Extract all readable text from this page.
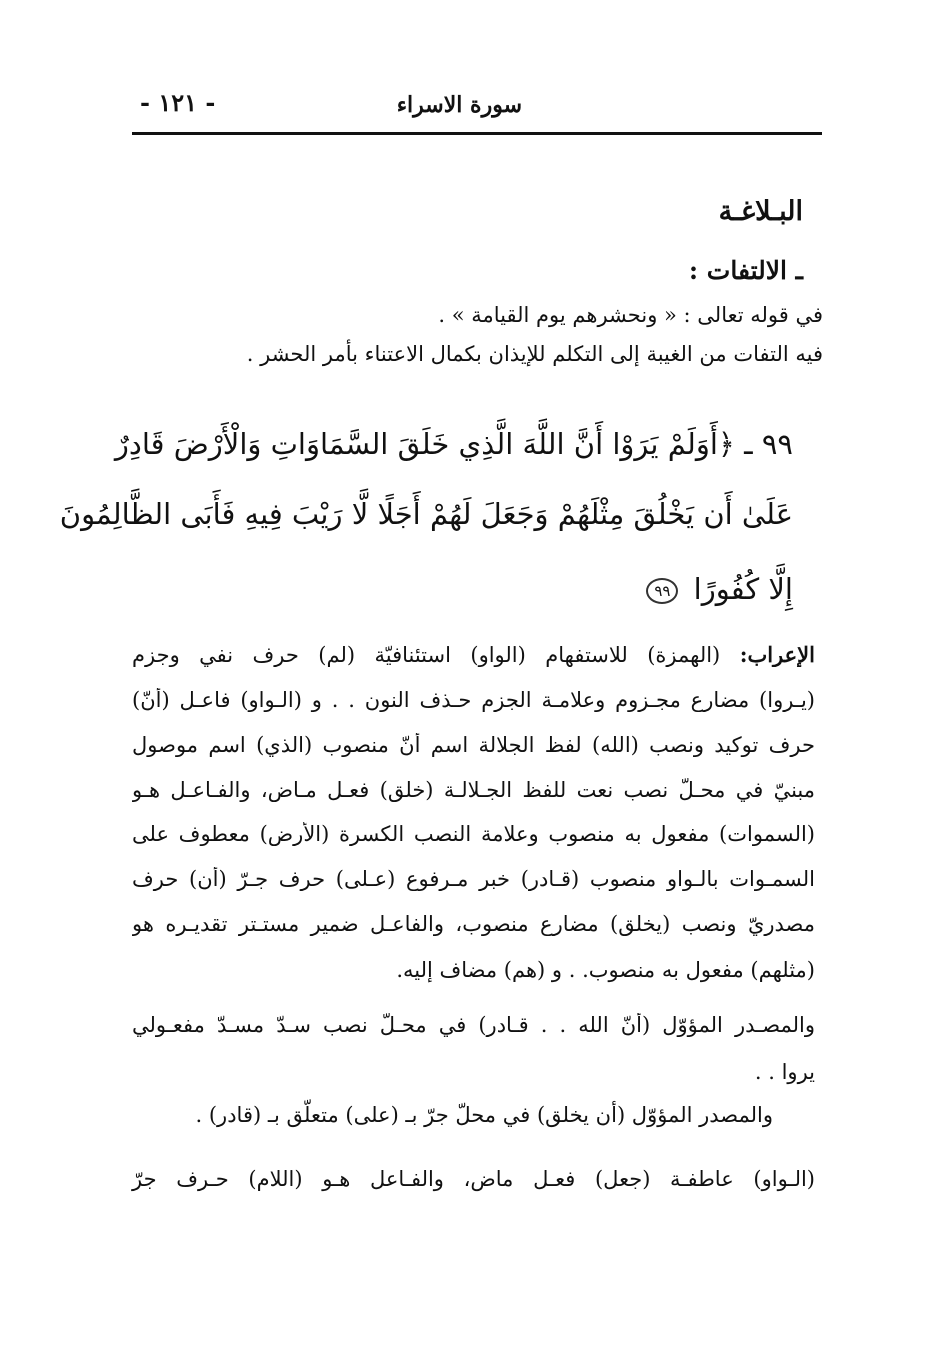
سورة الاسراء
- ١٢١ -
البـلاغـة
ـ الالتفات :
في قوله تعالى : « ونحشرهم يوم القيامة » .
فيه التفات من الغيبة إلى التكلم للإيذان بكمال الاعتناء بأمر الحشر .
٩٩ ـ ﴿أَوَلَمْ يَرَوْا أَنَّ اللَّهَ الَّذِي خَلَقَ السَّمَاوَاتِ وَالْأَرْضَ قَادِرٌ
عَلَىٰ أَن يَخْلُقَ مِثْلَهُمْ وَجَعَلَ لَهُمْ أَجَلًا لَّا رَيْبَ فِيهِ فَأَبَى الظَّالِمُونَ
إِلَّا كُفُورًا ٩٩
الإعراب: (الهمزة) للاستفهام (الواو) استئنافيّة (لم) حرف نفي وجزم
(يـروا) مضارع مجـزوم وعلامـة الجزم حـذف النون . . و (الـواو) فاعـل (أنّ)
حرف توكيد ونصب (الله) لفظ الجلالة اسم أنّ منصوب (الذي) اسم موصول
مبنيّ في محـلّ نصب نعت للفظ الجـلالـة (خلق) فعـل مـاض، والفـاعـل هـو
(السموات) مفعول به منصوب وعلامة النصب الكسرة (الأرض) معطوف على
السمـوات بالـواو منصوب (قـادر) خبر مـرفوع (عـلى) حرف جـرّ (أن) حرف
مصدريّ ونصب (يخلق) مضارع منصوب، والفاعـل ضمير مستـتر تقديـره هو
(مثلهم) مفعول به منصوب. . و (هم) مضاف إليه.
والمصـدر المؤوّل (أنّ الله . . قـادر) في محـلّ نصب سـدّ مسـدّ مفعـولي
يروا . .
والمصدر المؤوّل (أن يخلق) في محلّ جرّ بـ (على) متعلّق بـ (قادر) .
(الـواو) عاطفـة (جعل) فعـل ماض، والفـاعل هـو (اللام) حـرف جرّ
